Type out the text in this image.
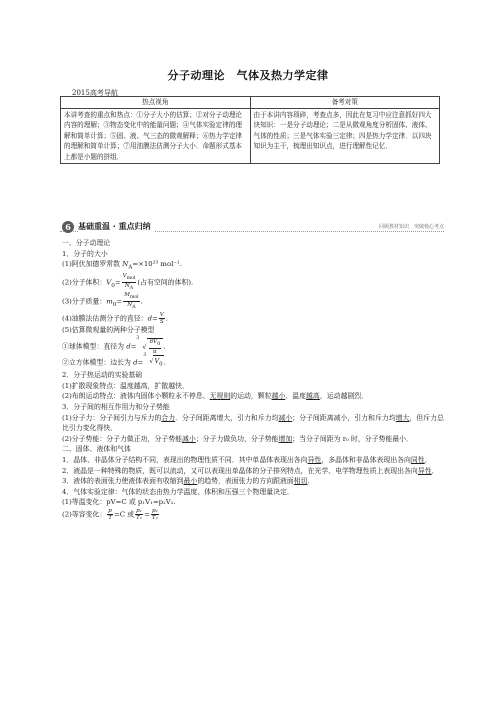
分子动理论　气体及热力学定律
2015高考导航
热点视角	备考对策
本讲考查的重点和热点：①分子大小的估算；②对分子动理论内容的理解；③物态变化中的能量问题；④气体实验定律的理解和简单计算；⑤固、液、气三态的微观解释；⑥热力学定律的理解和简单计算；⑦用油膜法估测分子大小．命题形式基本上都是小题的拼组．	由于本讲内容琐碎，考查点多，因此在复习中应注意抓好四大块知识：一是分子动理论；二是从微观角度分析固体、液体、气体的性质；三是气体实验三定律；四是热力学定律．以四块知识为主干，梳理出知识点，进行理解性记忆．
6 基础重温 · 重点归纳	回顾教材知识　突破核心考点

一、分子动理论

1．分子的大小

(1)阿伏加德罗常数 $N_A=\times 10^{23}$ mol⁻¹.

(2)分子体积：$V_0= \frac{V_{mol}}{N_A}$ (占有空间的体积).

(3)分子质量：$m_0= \frac{M_{mol}}{N_A}$ .

(4)油膜法估测分子的直径：$d= \frac{V}{S}$ .

(5)估算微观量的两种分子模型

①球体模型：直径为 d=
3
√ $\frac{6V_0}{\pi}$ .

②立方体模型：边长为 d=
3
$√V_0$.

2．分子热运动的实验基础

(1)扩散现象特点：温度越高，扩散越快．

(2)布朗运动特点：液体内固体小颗粒永不停息、无规则的运动，颗粒越小、温度越高，运动越剧烈．

3．分子间的相互作用力和分子势能

(1)分子力：分子间引力与斥力的合力．分子间距离增大，引力和斥力均减小；分子间距离减小，引力和斥力均增大，但斥力总比引力变化得快．

(2)分子势能：分子力做正功，分子势能减小；分子力做负功，分子势能增加；当分子间距为 r₀ 时，分子势能最小．

二、固体、液体和气体

1．晶体、非晶体分子结构不同，表现出的物理性质不同．其中单晶体表现出各向异性，多晶体和非晶体表现出各向同性．

2．液晶是一种特殊的物质，既可以流动，又可以表现出单晶体的分子排列特点，在光学、电学物理性质上表现出各向异性．

3．液体的表面张力使液体表面有收缩到最小的趋势，表面张力的方向跟液面相切．

4．气体实验定律：气体的状态由热力学温度、体积和压强三个物理量决定．

(1)等温变化：pV=C 或 p₁V₁=p₂V₂.

(2)等容变化： $\frac{p}{T} =C$ 或 $\frac{\text{p₁}}{\text{T₁}} = \frac{\text{p₂}}{\text{T₂}}$
